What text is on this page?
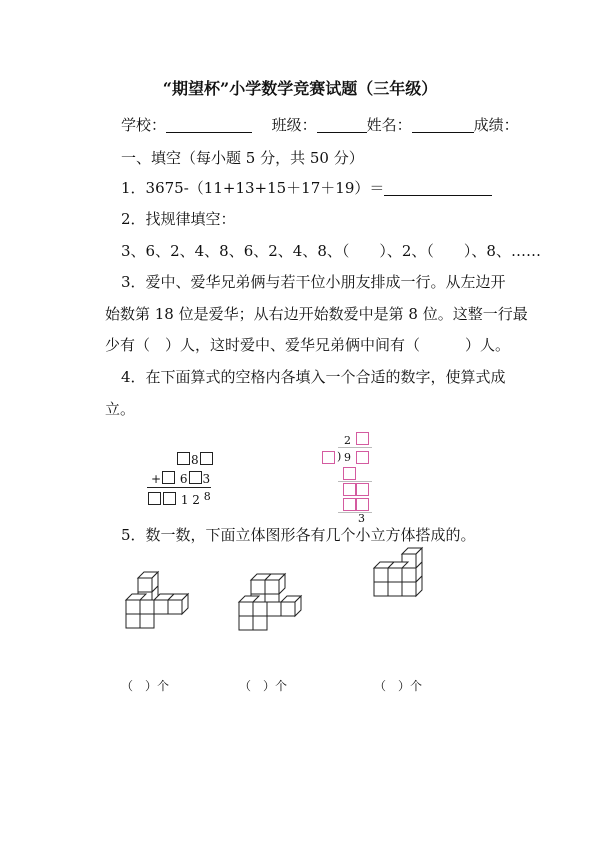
“期望杯”小学数学竞赛试题（三年级）
学校：	班级：	姓名：	成绩：
一、填空（每小题 5 分，共 50 分）
1．3675-（11+13+15＋17＋19）＝
2．找规律填空：
3、6、2、4、8、6、2、4、8、（　　）、2、（　　）、8、……
3．爱中、爱华兄弟俩与若干位小朋友排成一行。从左边开
始数第 18 位是爱华；从右边开始数爱中是第 8 位。这整一行最
少有（　）人，这时爱中、爱华兄弟俩中间有（　　　）人。
4．在下面算式的空格内各填入一个合适的数字，使算式成
立。
8
+ 6 3
1 2 8
2
) 9
3
5．数一数，下面立体图形各有几个小立方体搭成的。
（　）个	（　）个	（　）个
